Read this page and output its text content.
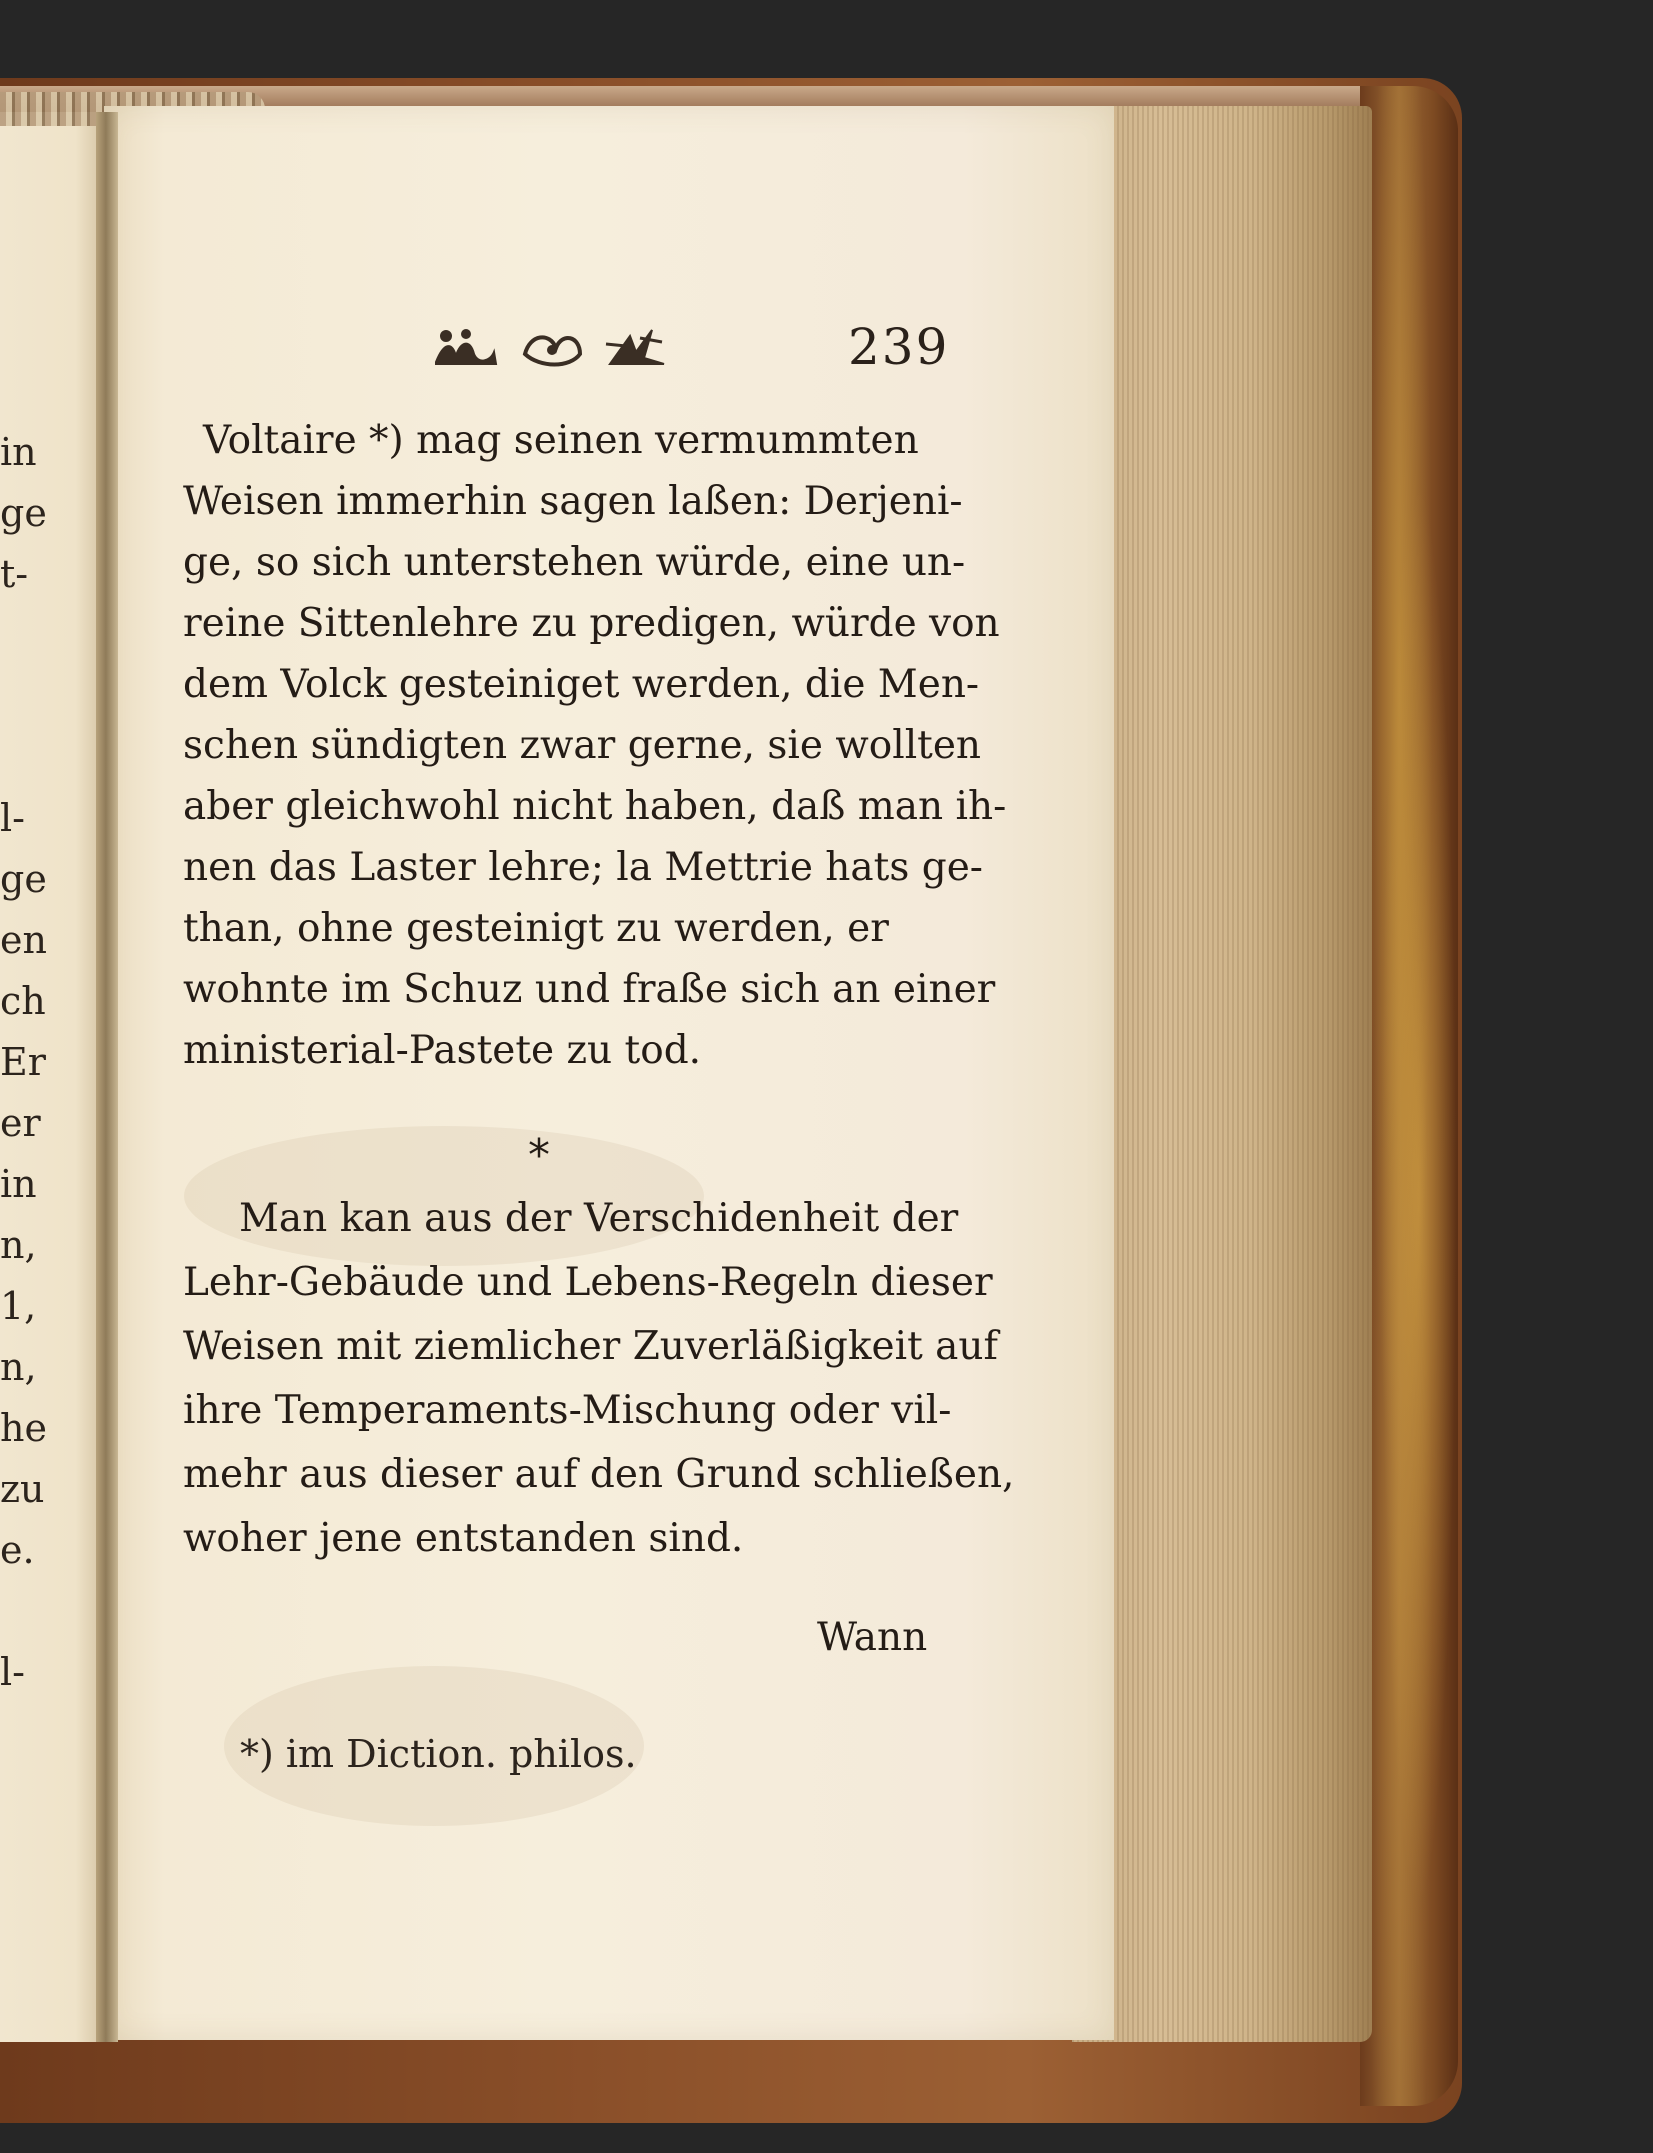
in
ge
t-
l-
ge
en
ch
Er
er
in
n,
1,
n,
he
zu
e.
l-
239
Voltaire *) mag seinen vermummten
Weisen immerhin sagen laßen: Derjeni-
ge, so sich unterstehen würde, eine un-
reine Sittenlehre zu predigen, würde von
dem Volck gesteiniget werden, die Men-
schen sündigten zwar gerne, sie wollten
aber gleichwohl nicht haben, daß man ih-
nen das Laster lehre; la Mettrie hats ge-
than, ohne gesteinigt zu werden, er
wohnte im Schuz und fraße sich an einer
ministerial-Pastete zu tod.
Man kan aus der Verschidenheit der
Lehr-Gebäude und Lebens-Regeln dieser
Weisen mit ziemlicher Zuverläßigkeit auf
ihre Temperaments-Mischung oder vil-
mehr aus dieser auf den Grund schließen,
woher jene entstanden sind.
*
Wann
*) im Diction. philos.
